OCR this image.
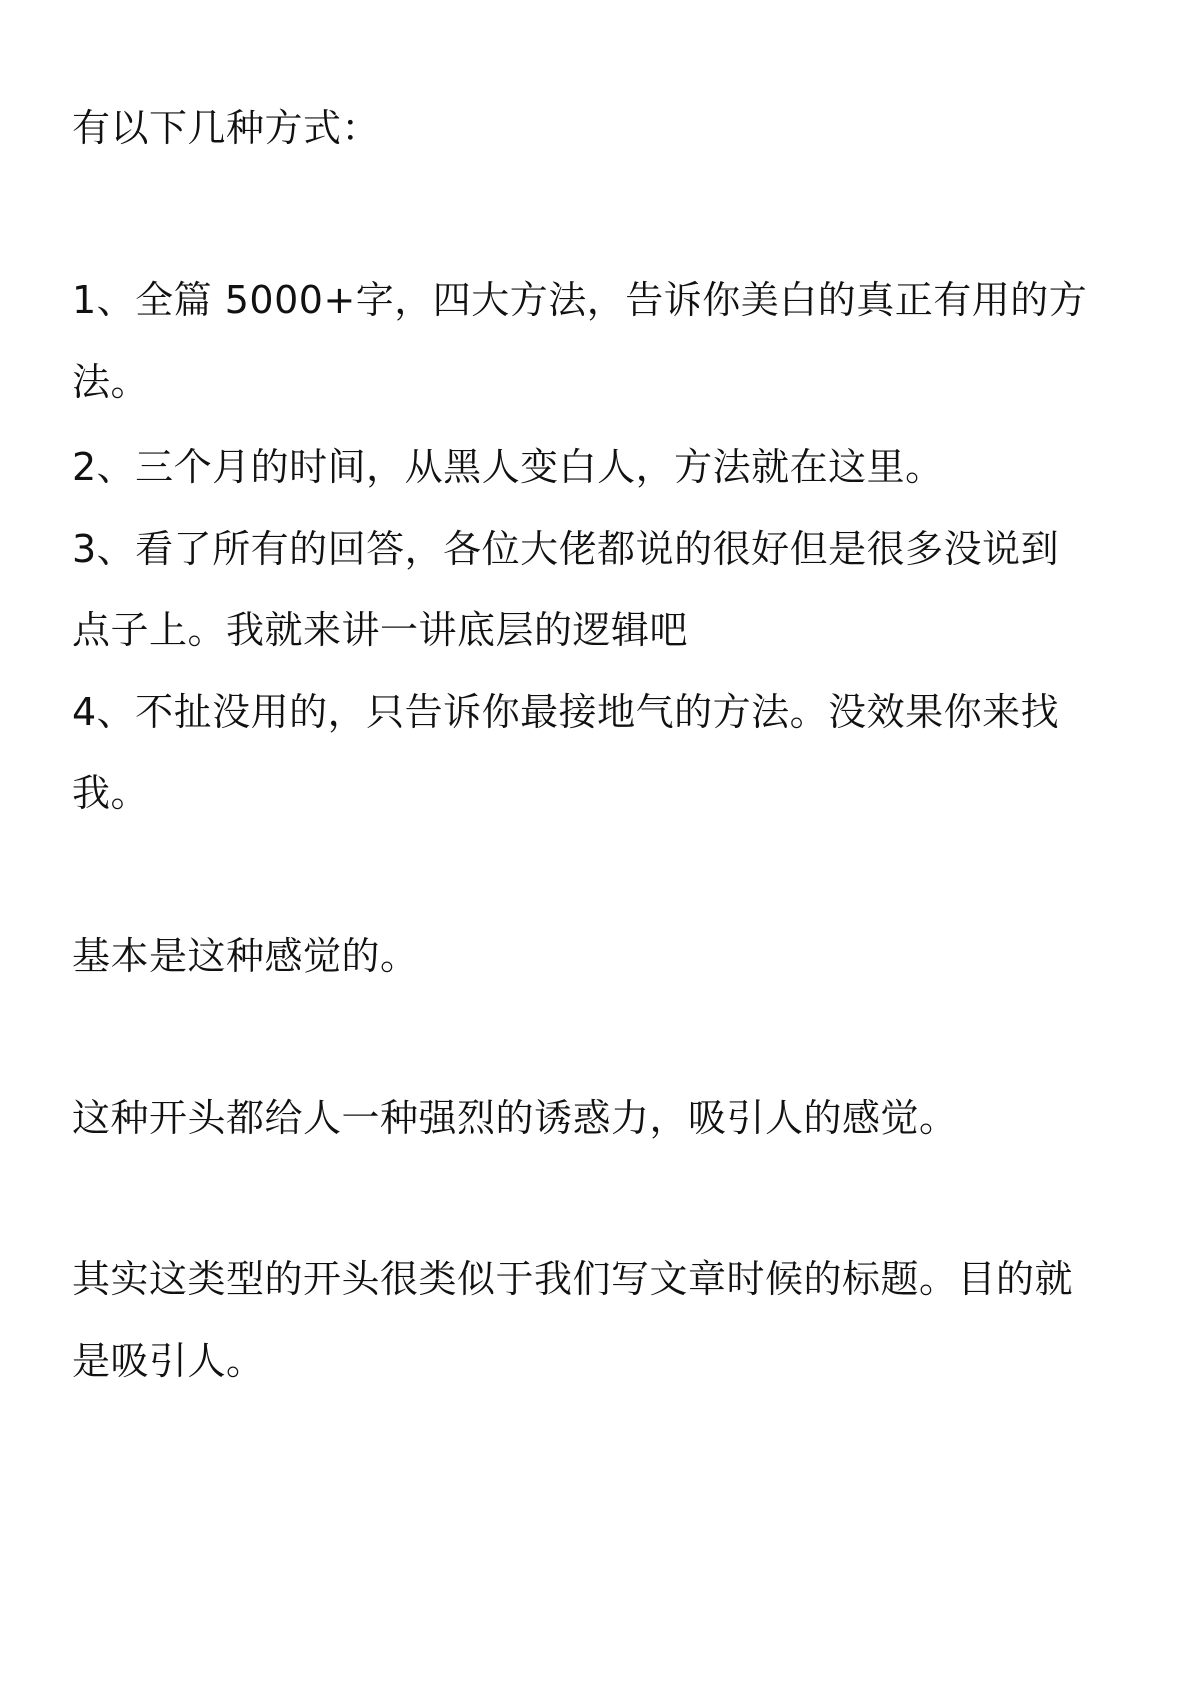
有以下几种方式：
1、全篇 5000+字，四大方法，告诉你美白的真正有用的方
法。
2、三个月的时间，从黑人变白人，方法就在这里。
3、看了所有的回答，各位大佬都说的很好但是很多没说到
点子上。我就来讲一讲底层的逻辑吧
4、不扯没用的，只告诉你最接地气的方法。没效果你来找
我。
基本是这种感觉的。
这种开头都给人一种强烈的诱惑力，吸引人的感觉。
其实这类型的开头很类似于我们写文章时候的标题。目的就
是吸引人。
